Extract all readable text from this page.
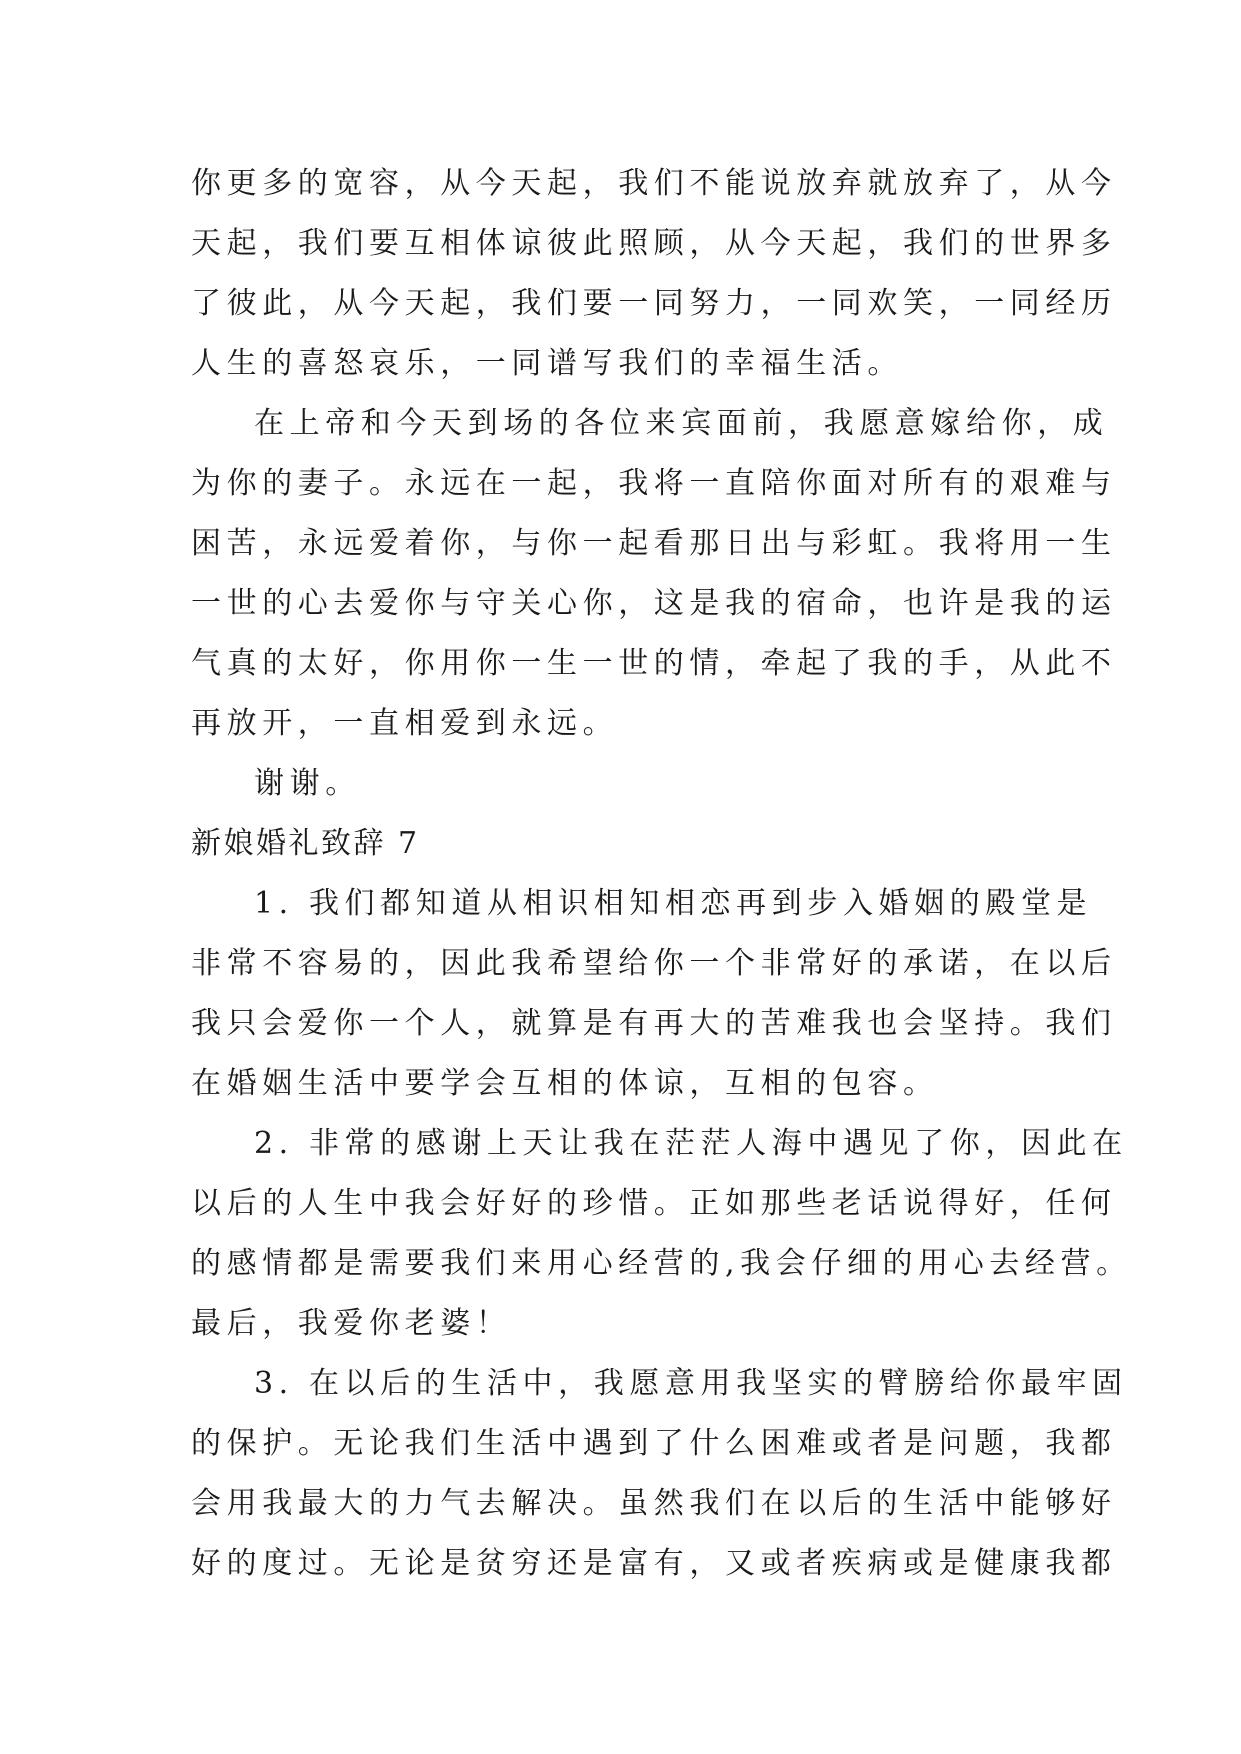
你更多的宽容，从今天起，我们不能说放弃就放弃了，从今
天起，我们要互相体谅彼此照顾，从今天起，我们的世界多
了彼此，从今天起，我们要一同努力，一同欢笑，一同经历
人生的喜怒哀乐，一同谱写我们的幸福生活。
在上帝和今天到场的各位来宾面前，我愿意嫁给你，成
为你的妻子。永远在一起，我将一直陪你面对所有的艰难与
困苦，永远爱着你，与你一起看那日出与彩虹。我将用一生
一世的心去爱你与守关心你，这是我的宿命，也许是我的运
气真的太好，你用你一生一世的情，牵起了我的手，从此不
再放开，一直相爱到永远。
谢谢。
新娘婚礼致辞 7
1. 我们都知道从相识相知相恋再到步入婚姻的殿堂是
非常不容易的，因此我希望给你一个非常好的承诺，在以后
我只会爱你一个人，就算是有再大的苦难我也会坚持。我们
在婚姻生活中要学会互相的体谅，互相的包容。
2. 非常的感谢上天让我在茫茫人海中遇见了你，因此在
以后的人生中我会好好的珍惜。正如那些老话说得好，任何
的感情都是需要我们来用心经营的,我会仔细的用心去经营。
最后，我爱你老婆！
3. 在以后的生活中，我愿意用我坚实的臂膀给你最牢固
的保护。无论我们生活中遇到了什么困难或者是问题，我都
会用我最大的力气去解决。虽然我们在以后的生活中能够好
好的度过。无论是贫穷还是富有，又或者疾病或是健康我都
